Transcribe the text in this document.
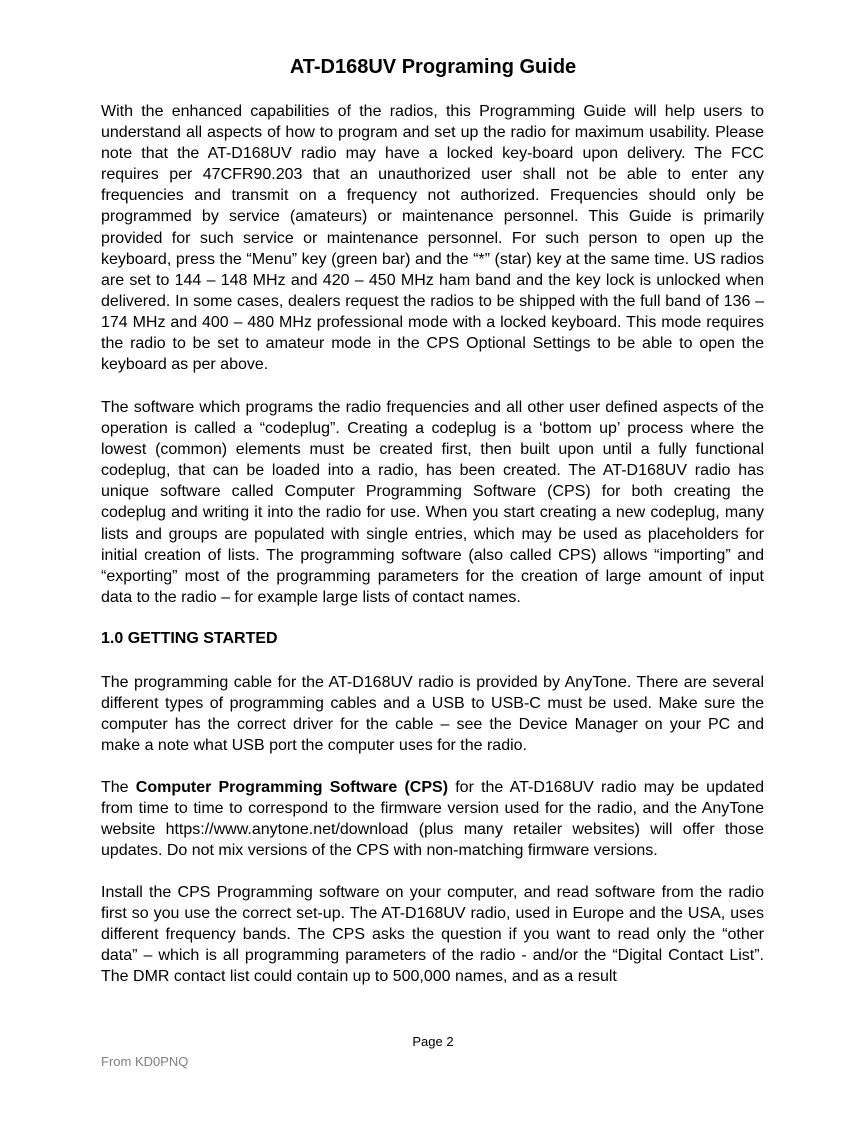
AT-D168UV Programing Guide

With the enhanced capabilities of the radios, this Programming Guide will help users to understand all aspects of how to program and set up the radio for maximum usability. Please note that the AT-D168UV radio may have a locked key-board upon delivery. The FCC requires per 47CFR90.203 that an unauthorized user shall not be able to enter any frequencies and transmit on a frequency not authorized. Frequencies should only be programmed by service (amateurs) or maintenance personnel. This Guide is primarily provided for such service or maintenance personnel. For such person to open up the keyboard, press the “Menu” key (green bar) and the “*” (star) key at the same time. US radios are set to 144 – 148 MHz and 420 – 450 MHz ham band and the key lock is unlocked when delivered. In some cases, dealers request the radios to be shipped with the full band of 136 – 174 MHz and 400 – 480 MHz professional mode with a locked keyboard. This mode requires the radio to be set to amateur mode in the CPS Optional Settings to be able to open the keyboard as per above.

The software which programs the radio frequencies and all other user defined aspects of the operation is called a “codeplug”. Creating a codeplug is a ‘bottom up’ process where the lowest (common) elements must be created first, then built upon until a fully functional codeplug, that can be loaded into a radio, has been created. The AT-D168UV radio has unique software called Computer Programming Software (CPS) for both creating the codeplug and writing it into the radio for use. When you start creating a new codeplug, many lists and groups are populated with single entries, which may be used as placeholders for initial creation of lists. The programming software (also called CPS) allows “importing” and “exporting” most of the programming parameters for the creation of large amount of input data to the radio – for example large lists of contact names.

1.0 GETTING STARTED

The programming cable for the AT-D168UV radio is provided by AnyTone. There are several different types of programming cables and a USB to USB-C must be used. Make sure the computer has the correct driver for the cable – see the Device Manager on your PC and make a note what USB port the computer uses for the radio.

The Computer Programming Software (CPS) for the AT-D168UV radio may be updated from time to time to correspond to the firmware version used for the radio, and the AnyTone website https://www.anytone.net/download (plus many retailer websites) will offer those updates. Do not mix versions of the CPS with non-matching firmware versions.

Install the CPS Programming software on your computer, and read software from the radio first so you use the correct set-up. The AT-D168UV radio, used in Europe and the USA, uses different frequency bands. The CPS asks the question if you want to read only the “other data” – which is all programming parameters of the radio - and/or the “Digital Contact List”. The DMR contact list could contain up to 500,000 names, and as a result

Page 2
From KD0PNQ
